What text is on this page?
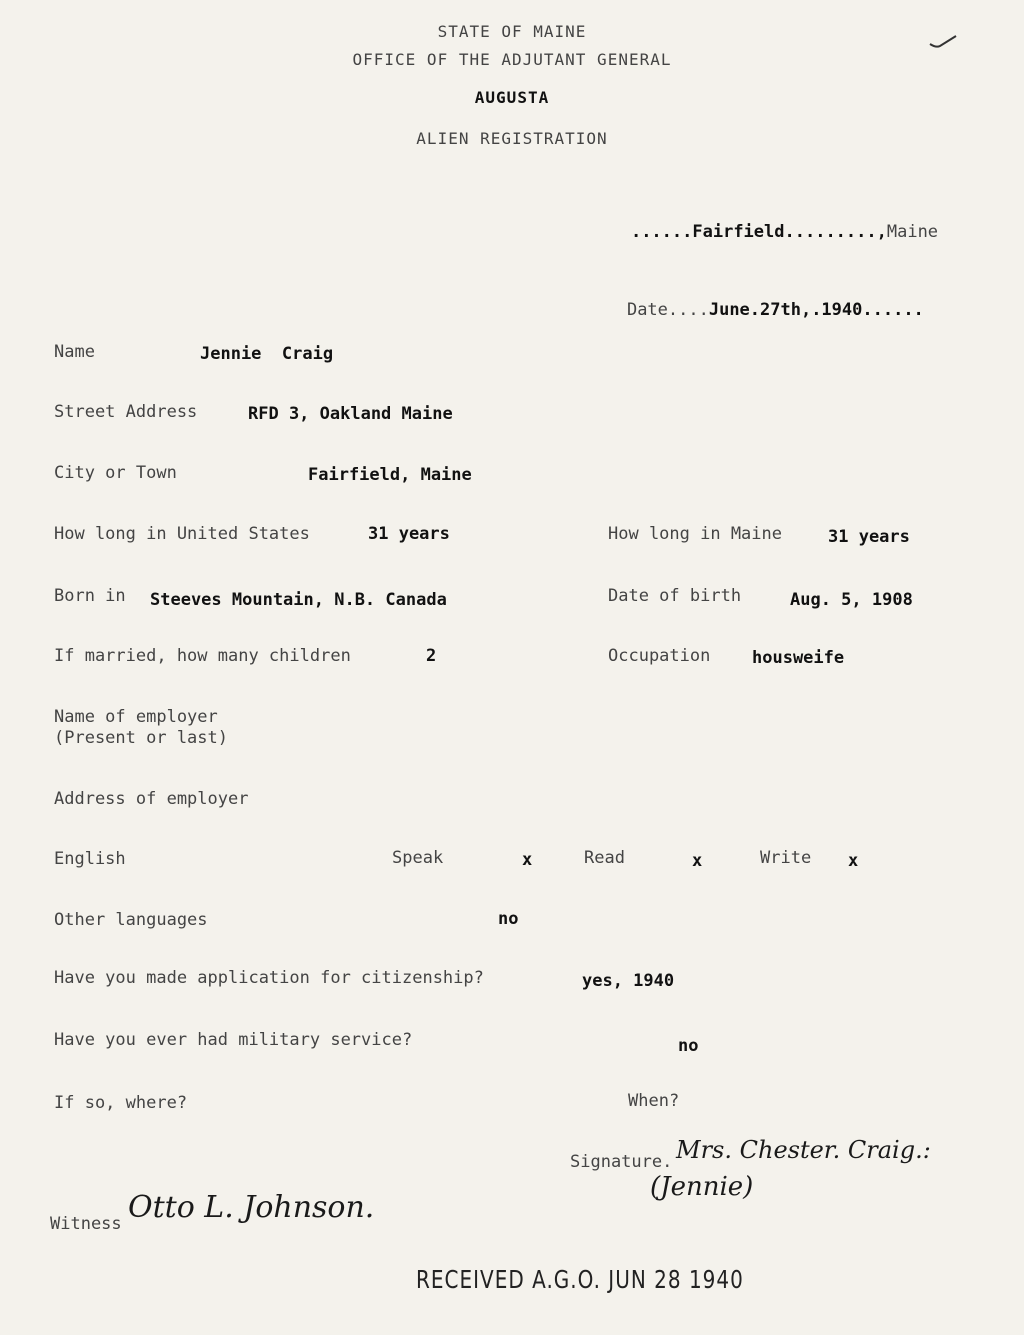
STATE OF MAINE
OFFICE OF THE ADJUTANT GENERAL
AUGUSTA
ALIEN REGISTRATION

......Fairfield.........,Maine

Date....June.27th,.1940......

Name	Jennie  Craig
Street Address	RFD 3, Oakland Maine
City or Town	Fairfield, Maine
How long in United States	31 years	How long in Maine	31 years
Born in Steeves Mountain, N.B. Canada	Date of birth	Aug. 5, 1908
If married, how many children	2	Occupation housweife
Name of employer
(Present or last)
Address of employer
English	Speak	x	Read	x	Write x
Other languages	no
Have you made application for citizenship?	yes, 1940
Have you ever had military service?	no
If so, where?	When?
Signature. Mrs. Chester. Craig.:
(Jennie)
Witness Otto L. Johnson.
RECEIVED A.G.O. JUN 28 1940
